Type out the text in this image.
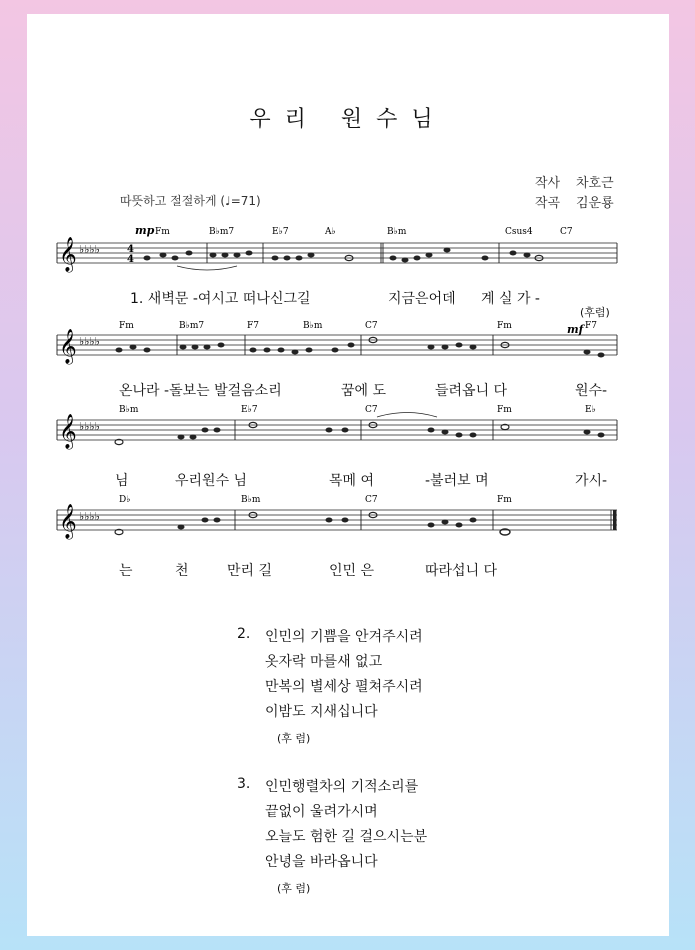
우리 원수님
작사 차호근
작곡 김운룡
따뜻하고 절절하게 (♩=71)
𝄞 ♭♭♭♭	4
4
mp Fm	B♭m7	E♭7	A♭	B♭m	Csus4	C7
1. 새벽문 -여시고 떠나신그길	지금은어데 계 실 가 -
(후렴)
𝄞 ♭♭♭♭
mf
Fm	B♭m7	F7	B♭m	C7	Fm	F7
온나라 -돌보는 발걸음소리	꿈에 도	들려옵니 다	원수-
𝄞 ♭♭♭♭
B♭m	E♭7	C7	Fm	E♭
님	우리원수 님	목메 여	-불러보 며	가시-
𝄞 ♭♭♭♭
D♭	B♭m	C7	Fm
는	천	만리 길	인민 은	따라섭니 다
2. 인민의 기쁨을 안겨주시려
옷자락 마를새 없고
만복의 별세상 펼쳐주시려
이밤도 지새십니다
(후 렴)
3. 인민행렬차의 기적소리를
끝없이 울려가시며
오늘도 험한 길 걸으시는분
안녕을 바라옵니다
(후 렴)
